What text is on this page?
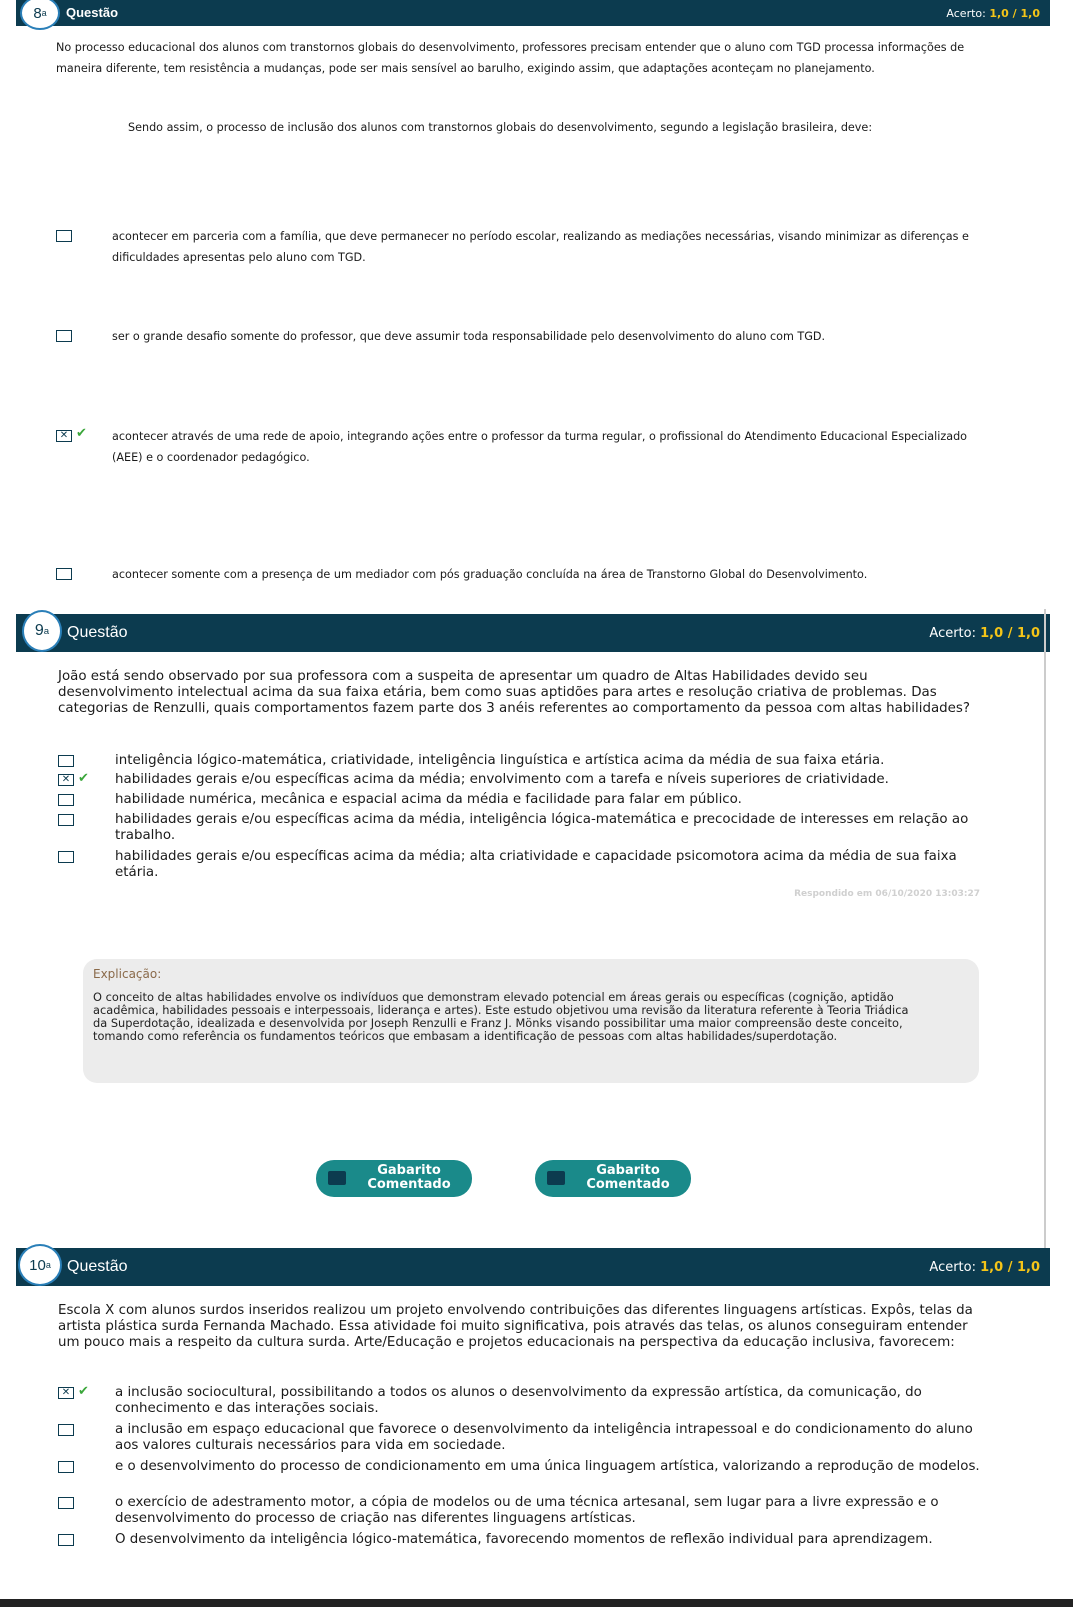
8 a Questão	Acerto: 1,0 / 1,0

No processo educacional dos alunos com transtornos globais do desenvolvimento, professores precisam entender que o aluno com TGD processa informações de maneira diferente, tem resistência a mudanças, pode ser mais sensível ao barulho, exigindo assim, que adaptações aconteçam no planejamento.

Sendo assim, o processo de inclusão dos alunos com transtornos globais do desenvolvimento, segundo a legislação brasileira, deve:

acontecer em parceria com a família, que deve permanecer no período escolar, realizando as mediações necessárias, visando minimizar as diferenças e dificuldades apresentas pelo aluno com TGD.

ser o grande desafio somente do professor, que deve assumir toda responsabilidade pelo desenvolvimento do aluno com TGD.

✕ ✔ acontecer através de uma rede de apoio, integrando ações entre o professor da turma regular, o profissional do Atendimento Educacional Especializado (AEE) e o coordenador pedagógico.

acontecer somente com a presença de um mediador com pós graduação concluída na área de Transtorno Global do Desenvolvimento.

9 a Questão	Acerto: 1,0 / 1,0

João está sendo observado por sua professora com a suspeita de apresentar um quadro de Altas Habilidades devido seu desenvolvimento intelectual acima da sua faixa etária, bem como suas aptidões para artes e resolução criativa de problemas. Das categorias de Renzulli, quais comportamentos fazem parte dos 3 anéis referentes ao comportamento da pessoa com altas habilidades?

inteligência lógico-matemática, criatividade, inteligência linguística e artística acima da média de sua faixa etária.

✕ ✔ habilidades gerais e/ou específicas acima da média; envolvimento com a tarefa e níveis superiores de criatividade.

habilidade numérica, mecânica e espacial acima da média e facilidade para falar em público.

habilidades gerais e/ou específicas acima da média, inteligência lógica-matemática e precocidade de interesses em relação ao trabalho.

habilidades gerais e/ou específicas acima da média; alta criatividade e capacidade psicomotora acima da média de sua faixa etária.

Respondido em 06/10/2020 13:03:27
Explicação:

O conceito de altas habilidades envolve os indivíduos que demonstram elevado potencial em áreas gerais ou específicas (cognição, aptidão acadêmica, habilidades pessoais e interpessoais, liderança e artes). Este estudo objetivou uma revisão da literatura referente à Teoria Triádica da Superdotação, idealizada e desenvolvida por Joseph Renzulli e Franz J. Mönks visando possibilitar uma maior compreensão deste conceito, tomando como referência os fundamentos teóricos que embasam a identificação de pessoas com altas habilidades/superdotação.

Gabarito Comentado
Gabarito Comentado
10 a Questão	Acerto: 1,0 / 1,0

Escola X com alunos surdos inseridos realizou um projeto envolvendo contribuições das diferentes linguagens artísticas. Expôs, telas da artista plástica surda Fernanda Machado. Essa atividade foi muito significativa, pois através das telas, os alunos conseguiram entender um pouco mais a respeito da cultura surda. Arte/Educação e projetos educacionais na perspectiva da educação inclusiva, favorecem:

✕ ✔ a inclusão sociocultural, possibilitando a todos os alunos o desenvolvimento da expressão artística, da comunicação, do conhecimento e das interações sociais.

a inclusão em espaço educacional que favorece o desenvolvimento da inteligência intrapessoal e do condicionamento do aluno aos valores culturais necessários para vida em sociedade.

e o desenvolvimento do processo de condicionamento em uma única linguagem artística, valorizando a reprodução de modelos.

o exercício de adestramento motor, a cópia de modelos ou de uma técnica artesanal, sem lugar para a livre expressão e o desenvolvimento do processo de criação nas diferentes linguagens artísticas.

O desenvolvimento da inteligência lógico-matemática, favorecendo momentos de reflexão individual para aprendizagem.
